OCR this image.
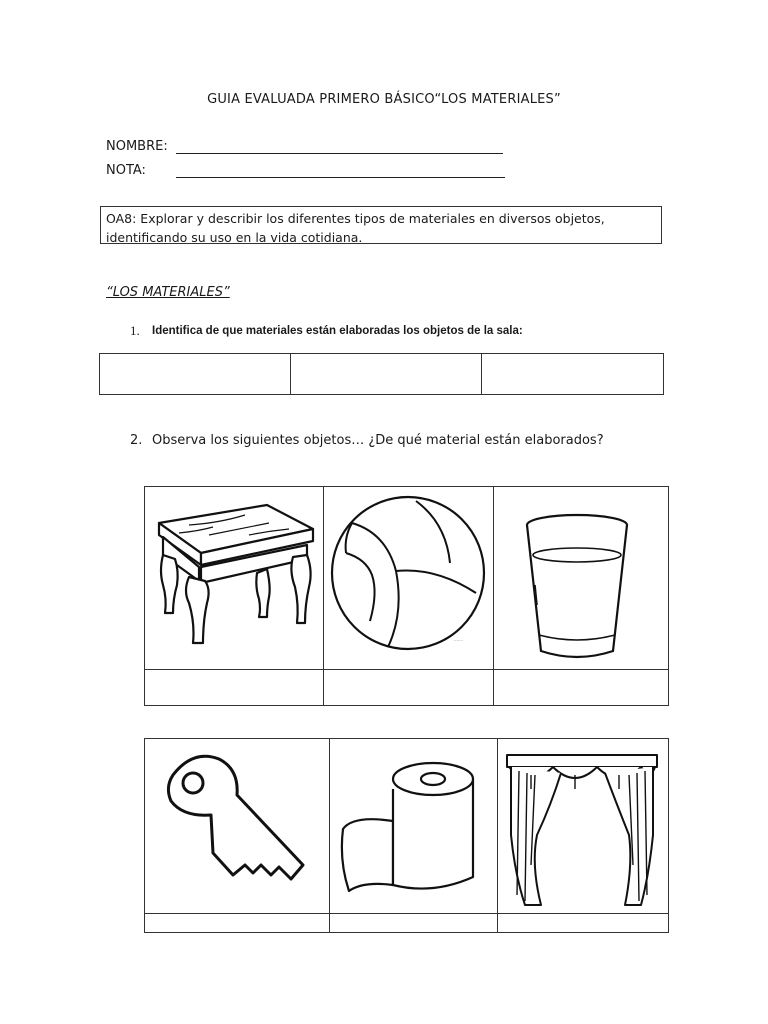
GUIA EVALUADA PRIMERO BÁSICO“LOS MATERIALES”
NOMBRE:
NOTA:
OA8: Explorar y describir los diferentes tipos de materiales en diversos objetos, identificando su uso en la vida cotidiana.
“LOS MATERIALES”
1. Identifica de que materiales están elaboradas los objetos de la sala:

2. Observa los siguientes objetos… ¿De qué material están elaborados?
.......
